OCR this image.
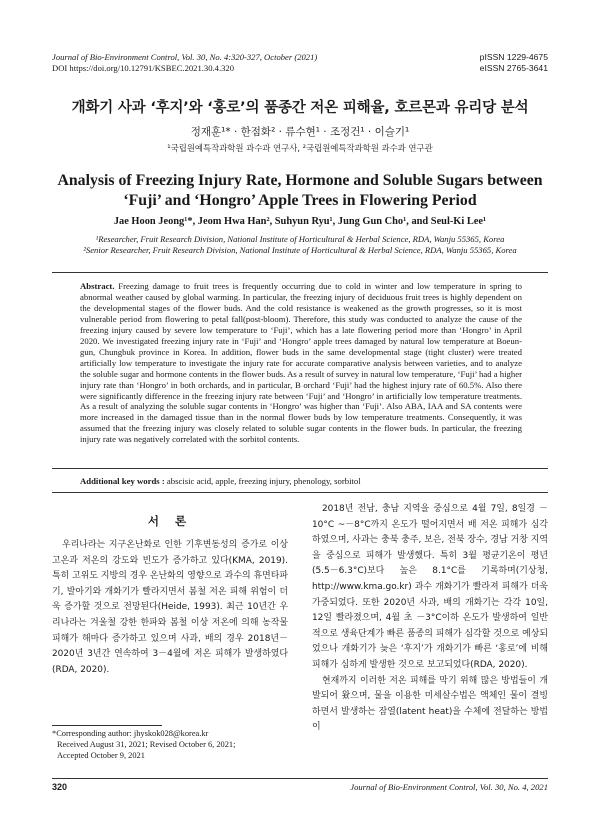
Journal of Bio-Environment Control, Vol. 30, No. 4:320-327, October (2021)
DOI https://doi.org/10.12791/KSBEC.2021.30.4.320
pISSN 1229-4675
eISSN 2765-3641
개화기 사과 ‘후지’와 ‘홍로’의 품종간 저온 피해율, 호르몬과 유리당 분석
정재훈¹* · 한점화² · 류수현¹ · 조정건¹ · 이슬기¹
¹국립원예특작과학원 과수과 연구사, ²국립원예특작과학원 과수과 연구관
Analysis of Freezing Injury Rate, Hormone and Soluble Sugars between
‘Fuji’ and ‘Hongro’ Apple Trees in Flowering Period
Jae Hoon Jeong¹*, Jeom Hwa Han², Suhyun Ryu¹, Jung Gun Cho¹, and Seul-Ki Lee¹
¹Researcher, Fruit Research Division, National Institute of Horticultural & Herbal Science, RDA, Wanju 55365, Korea
²Senior Researcher, Fruit Research Division, National Institute of Horticultural & Herbal Science, RDA, Wanju 55365, Korea
Abstract. Freezing damage to fruit trees is frequently occurring due to cold in winter and low temperature in spring to abnormal weather caused by global warming. In particular, the freezing injury of deciduous fruit trees is highly dependent on the developmental stages of the flower buds. And the cold resistance is weakened as the growth progresses, so it is most vulnerable period from flowering to petal fall(post-bloom). Therefore, this study was conducted to analyze the cause of the freezing injury caused by severe low temperature to ‘Fuji’, which has a late flowering period more than ‘Hongro’ in April 2020. We investigated freezing injury rate in ‘Fuji’ and ‘Hongro’ apple trees damaged by natural low temperature at Boeun-gun, Chungbuk province in Korea. In addition, flower buds in the same developmental stage (tight cluster) were treated artificially low temperature to investigate the injury rate for accurate comparative analysis between varieties, and to analyze the soluble sugar and hormone contents in the flower buds. As a result of survey in natural low temperature, ‘Fuji’ had a higher injury rate than ‘Hongro’ in both orchards, and in particular, B orchard ‘Fuji’ had the highest injury rate of 60.5%. Also there were significantly difference in the freezing injury rate between ‘Fuji’ and ‘Hongro’ in artificially low temperature treatments. As a result of analyzing the soluble sugar contents in ‘Hongro’ was higher than ‘Fuji’. Also ABA, IAA and SA contents were more increased in the damaged tissue than in the normal flower buds by low temperature treatments. Consequently, it was assumed that the freezing injury was closely related to soluble sugar contents in the flower buds. In particular, the freezing injury rate was negatively correlated with the sorbitol contents.
Additional key words : abscisic acid, apple, freezing injury, phenology, sorbitol
서 론

우리나라는 지구온난화로 인한 기후변동성의 증가로 이상고온과 저온의 강도와 빈도가 증가하고 있다(KMA, 2019). 특히 고위도 지방의 경우 온난화의 영향으로 과수의 휴면타파기, 발아기와 개화기가 빨라지면서 봄철 저온 피해 위험이 더욱 증가할 것으로 전망된다(Heide, 1993). 최근 10년간 우리나라는 겨울철 강한 한파와 봄철 이상 저온에 의해 농작물 피해가 해마다 증가하고 있으며 사과, 배의 경우 2018년－2020년 3년간 연속하여 3－4월에 저온 피해가 발생하였다(RDA, 2020).

2018년 전남, 충남 지역을 중심으로 4월 7일, 8일경 －10°C ~－8°C까지 온도가 떨어지면서 배 저온 피해가 심각하였으며, 사과는 충북 충주, 보은, 전북 장수, 경남 거창 지역을 중심으로 피해가 발생했다. 특히 3월 평균기온이 평년(5.5－6.3°C)보다 높은 8.1°C를 기록하며(기상청, http://www.kma.go.kr) 과수 개화기가 빨라져 피해가 더욱 가중되었다. 또한 2020년 사과, 배의 개화기는 각각 10일, 12일 빨라졌으며, 4월 초 －3°C이하 온도가 발생하여 일반적으로 생육단계가 빠른 품종의 피해가 심각할 것으로 예상되었으나 개화기가 늦은 ‘후지’가 개화기가 빠른 ‘홍로’에 비해 피해가 심하게 발생한 것으로 보고되었다(RDA, 2020).

현재까지 이러한 저온 피해를 막기 위해 많은 방법들이 개발되어 왔으며, 물을 이용한 미세살수법은 액체인 물이 결빙하면서 발생하는 잠열(latent heat)을 수체에 전달하는 방법이

*Corresponding author: jhyskok028@korea.kr
Received August 31, 2021; Revised October 6, 2021;
Accepted October 9, 2021
320	Journal of Bio-Environment Control, Vol. 30, No. 4, 2021
